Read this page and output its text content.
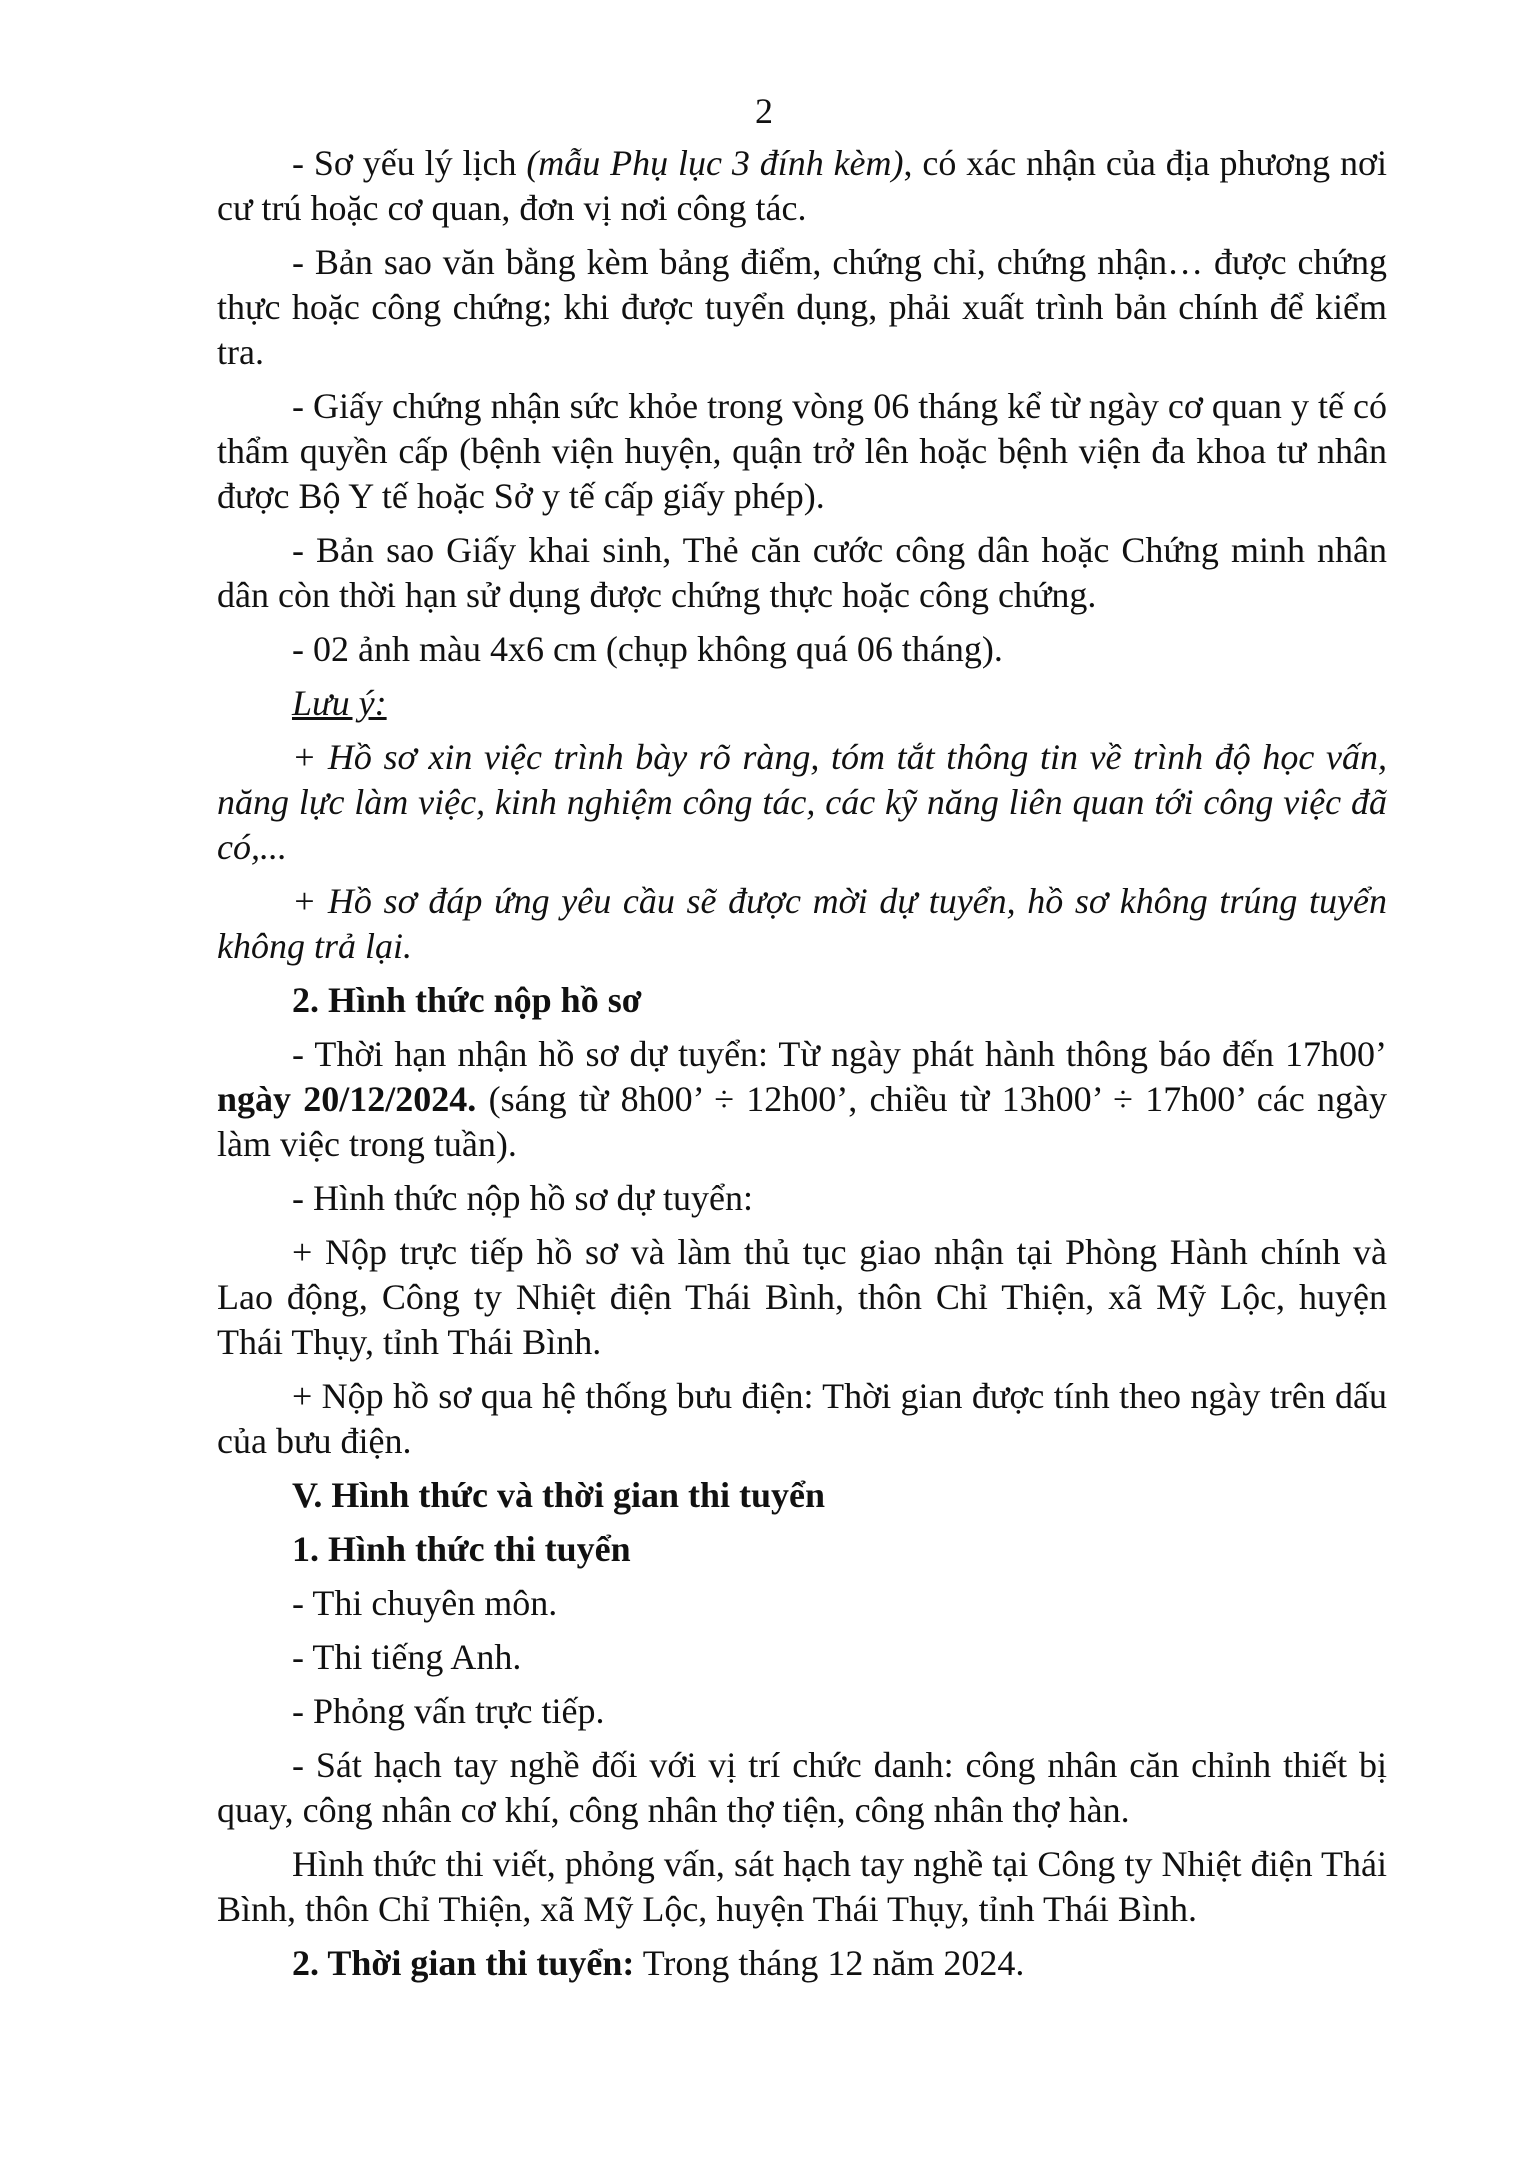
2

- Sơ yếu lý lịch (mẫu Phụ lục 3 đính kèm), có xác nhận của địa phương nơi cư trú hoặc cơ quan, đơn vị nơi công tác.

- Bản sao văn bằng kèm bảng điểm, chứng chỉ, chứng nhận… được chứng thực hoặc công chứng; khi được tuyển dụng, phải xuất trình bản chính để kiểm tra.

- Giấy chứng nhận sức khỏe trong vòng 06 tháng kể từ ngày cơ quan y tế có thẩm quyền cấp (bệnh viện huyện, quận trở lên hoặc bệnh viện đa khoa tư nhân được Bộ Y tế hoặc Sở y tế cấp giấy phép).

- Bản sao Giấy khai sinh, Thẻ căn cước công dân hoặc Chứng minh nhân dân còn thời hạn sử dụng được chứng thực hoặc công chứng.

- 02 ảnh màu 4x6 cm (chụp không quá 06 tháng).

Lưu ý:

+ Hồ sơ xin việc trình bày rõ ràng, tóm tắt thông tin về trình độ học vấn, năng lực làm việc, kinh nghiệm công tác, các kỹ năng liên quan tới công việc đã có,...

+ Hồ sơ đáp ứng yêu cầu sẽ được mời dự tuyển, hồ sơ không trúng tuyển không trả lại.

2. Hình thức nộp hồ sơ

- Thời hạn nhận hồ sơ dự tuyển: Từ ngày phát hành thông báo đến 17h00’ ngày 20/12/2024. (sáng từ 8h00’ ÷ 12h00’, chiều từ 13h00’ ÷ 17h00’ các ngày làm việc trong tuần).

- Hình thức nộp hồ sơ dự tuyển:

+ Nộp trực tiếp hồ sơ và làm thủ tục giao nhận tại Phòng Hành chính và Lao động, Công ty Nhiệt điện Thái Bình, thôn Chỉ Thiện, xã Mỹ Lộc, huyện Thái Thụy, tỉnh Thái Bình.

+ Nộp hồ sơ qua hệ thống bưu điện: Thời gian được tính theo ngày trên dấu của bưu điện.

V. Hình thức và thời gian thi tuyển

1. Hình thức thi tuyển

- Thi chuyên môn.

- Thi tiếng Anh.

- Phỏng vấn trực tiếp.

- Sát hạch tay nghề đối với vị trí chức danh: công nhân căn chỉnh thiết bị quay, công nhân cơ khí, công nhân thợ tiện, công nhân thợ hàn.

Hình thức thi viết, phỏng vấn, sát hạch tay nghề tại Công ty Nhiệt điện Thái Bình, thôn Chỉ Thiện, xã Mỹ Lộc, huyện Thái Thụy, tỉnh Thái Bình.

2. Thời gian thi tuyển: Trong tháng 12 năm 2024.
